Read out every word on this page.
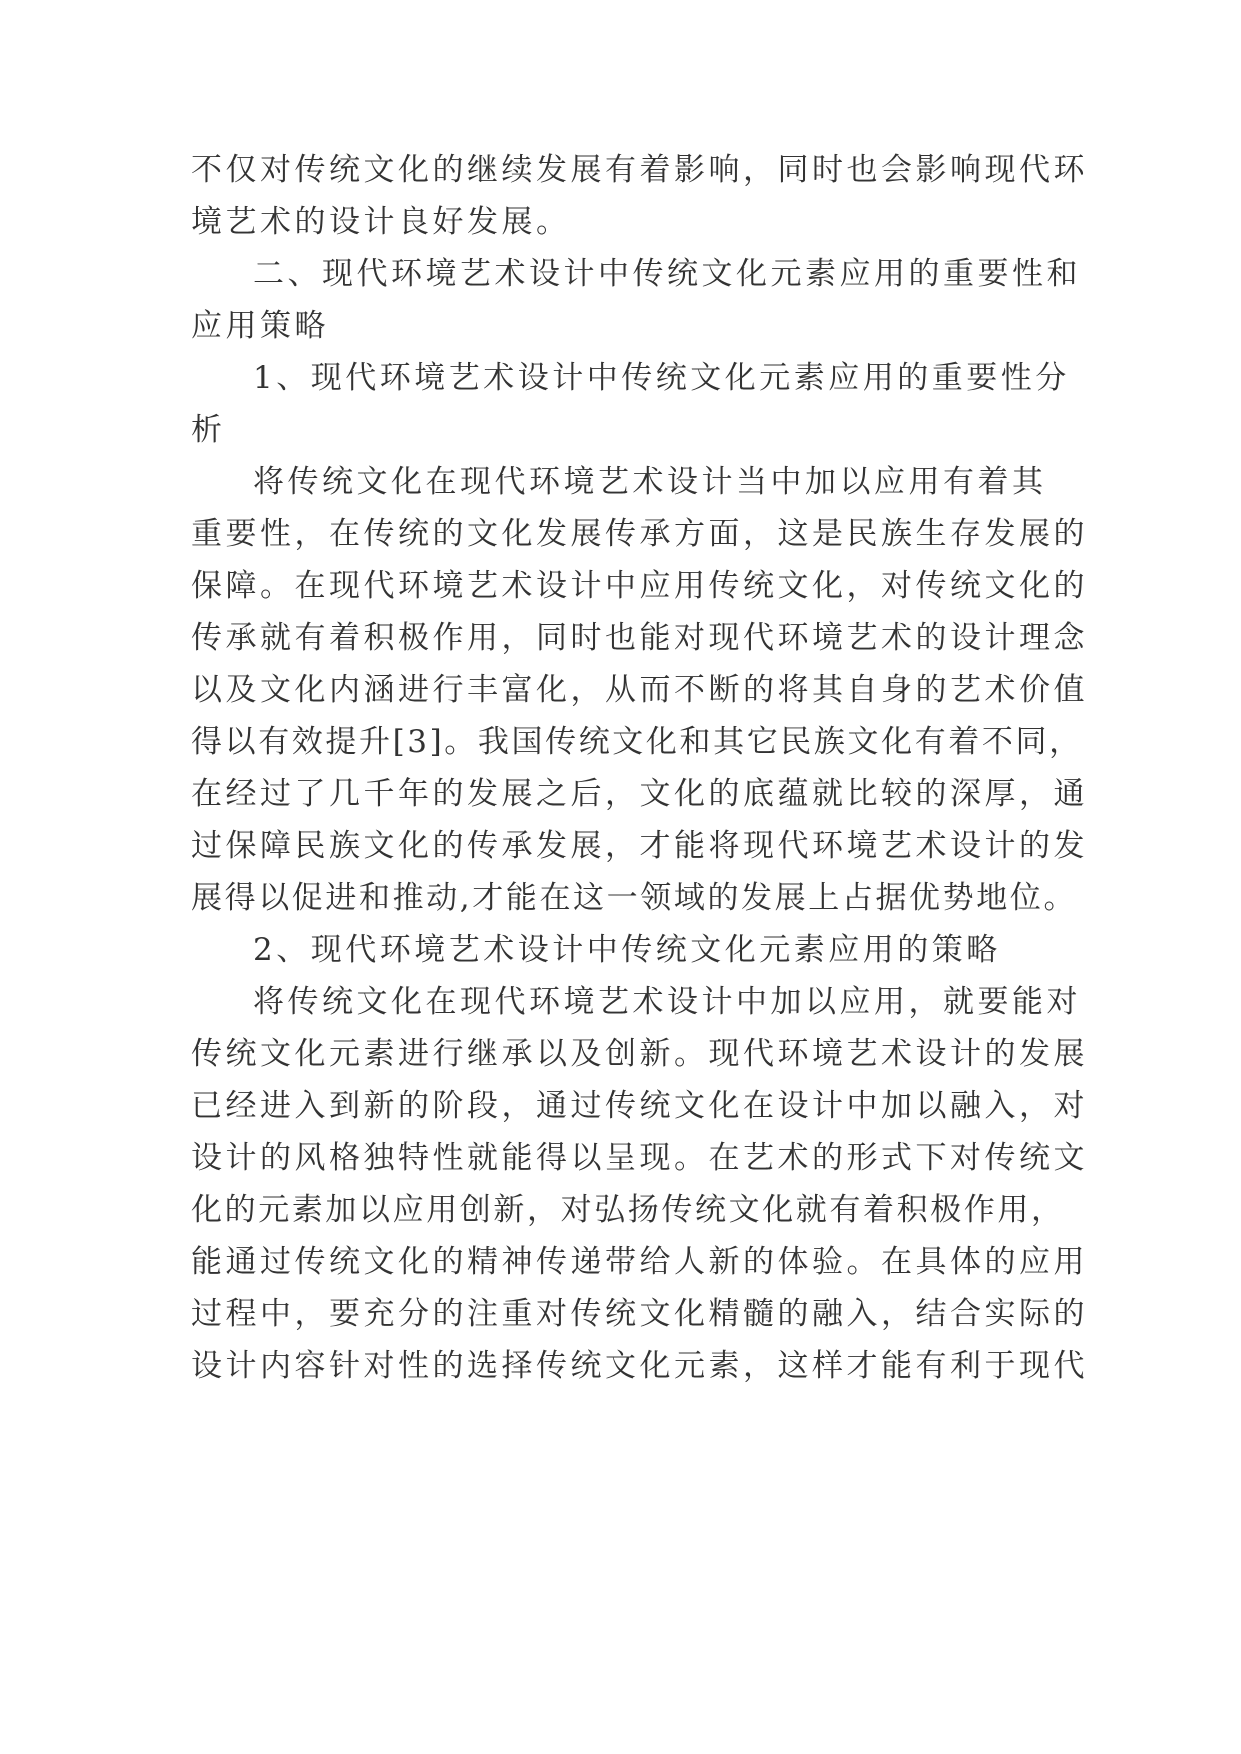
不仅对传统文化的继续发展有着影响，同时也会影响现代环
境艺术的设计良好发展。
二、现代环境艺术设计中传统文化元素应用的重要性和
应用策略
1、现代环境艺术设计中传统文化元素应用的重要性分
析
将传统文化在现代环境艺术设计当中加以应用有着其
重要性，在传统的文化发展传承方面，这是民族生存发展的
保障。在现代环境艺术设计中应用传统文化，对传统文化的
传承就有着积极作用，同时也能对现代环境艺术的设计理念
以及文化内涵进行丰富化，从而不断的将其自身的艺术价值
得以有效提升[3]。我国传统文化和其它民族文化有着不同，
在经过了几千年的发展之后，文化的底蕴就比较的深厚，通
过保障民族文化的传承发展，才能将现代环境艺术设计的发
展得以促进和推动,才能在这一领域的发展上占据优势地位。
2、现代环境艺术设计中传统文化元素应用的策略
将传统文化在现代环境艺术设计中加以应用，就要能对
传统文化元素进行继承以及创新。现代环境艺术设计的发展
已经进入到新的阶段，通过传统文化在设计中加以融入，对
设计的风格独特性就能得以呈现。在艺术的形式下对传统文
化的元素加以应用创新，对弘扬传统文化就有着积极作用，
能通过传统文化的精神传递带给人新的体验。在具体的应用
过程中，要充分的注重对传统文化精髓的融入，结合实际的
设计内容针对性的选择传统文化元素，这样才能有利于现代
